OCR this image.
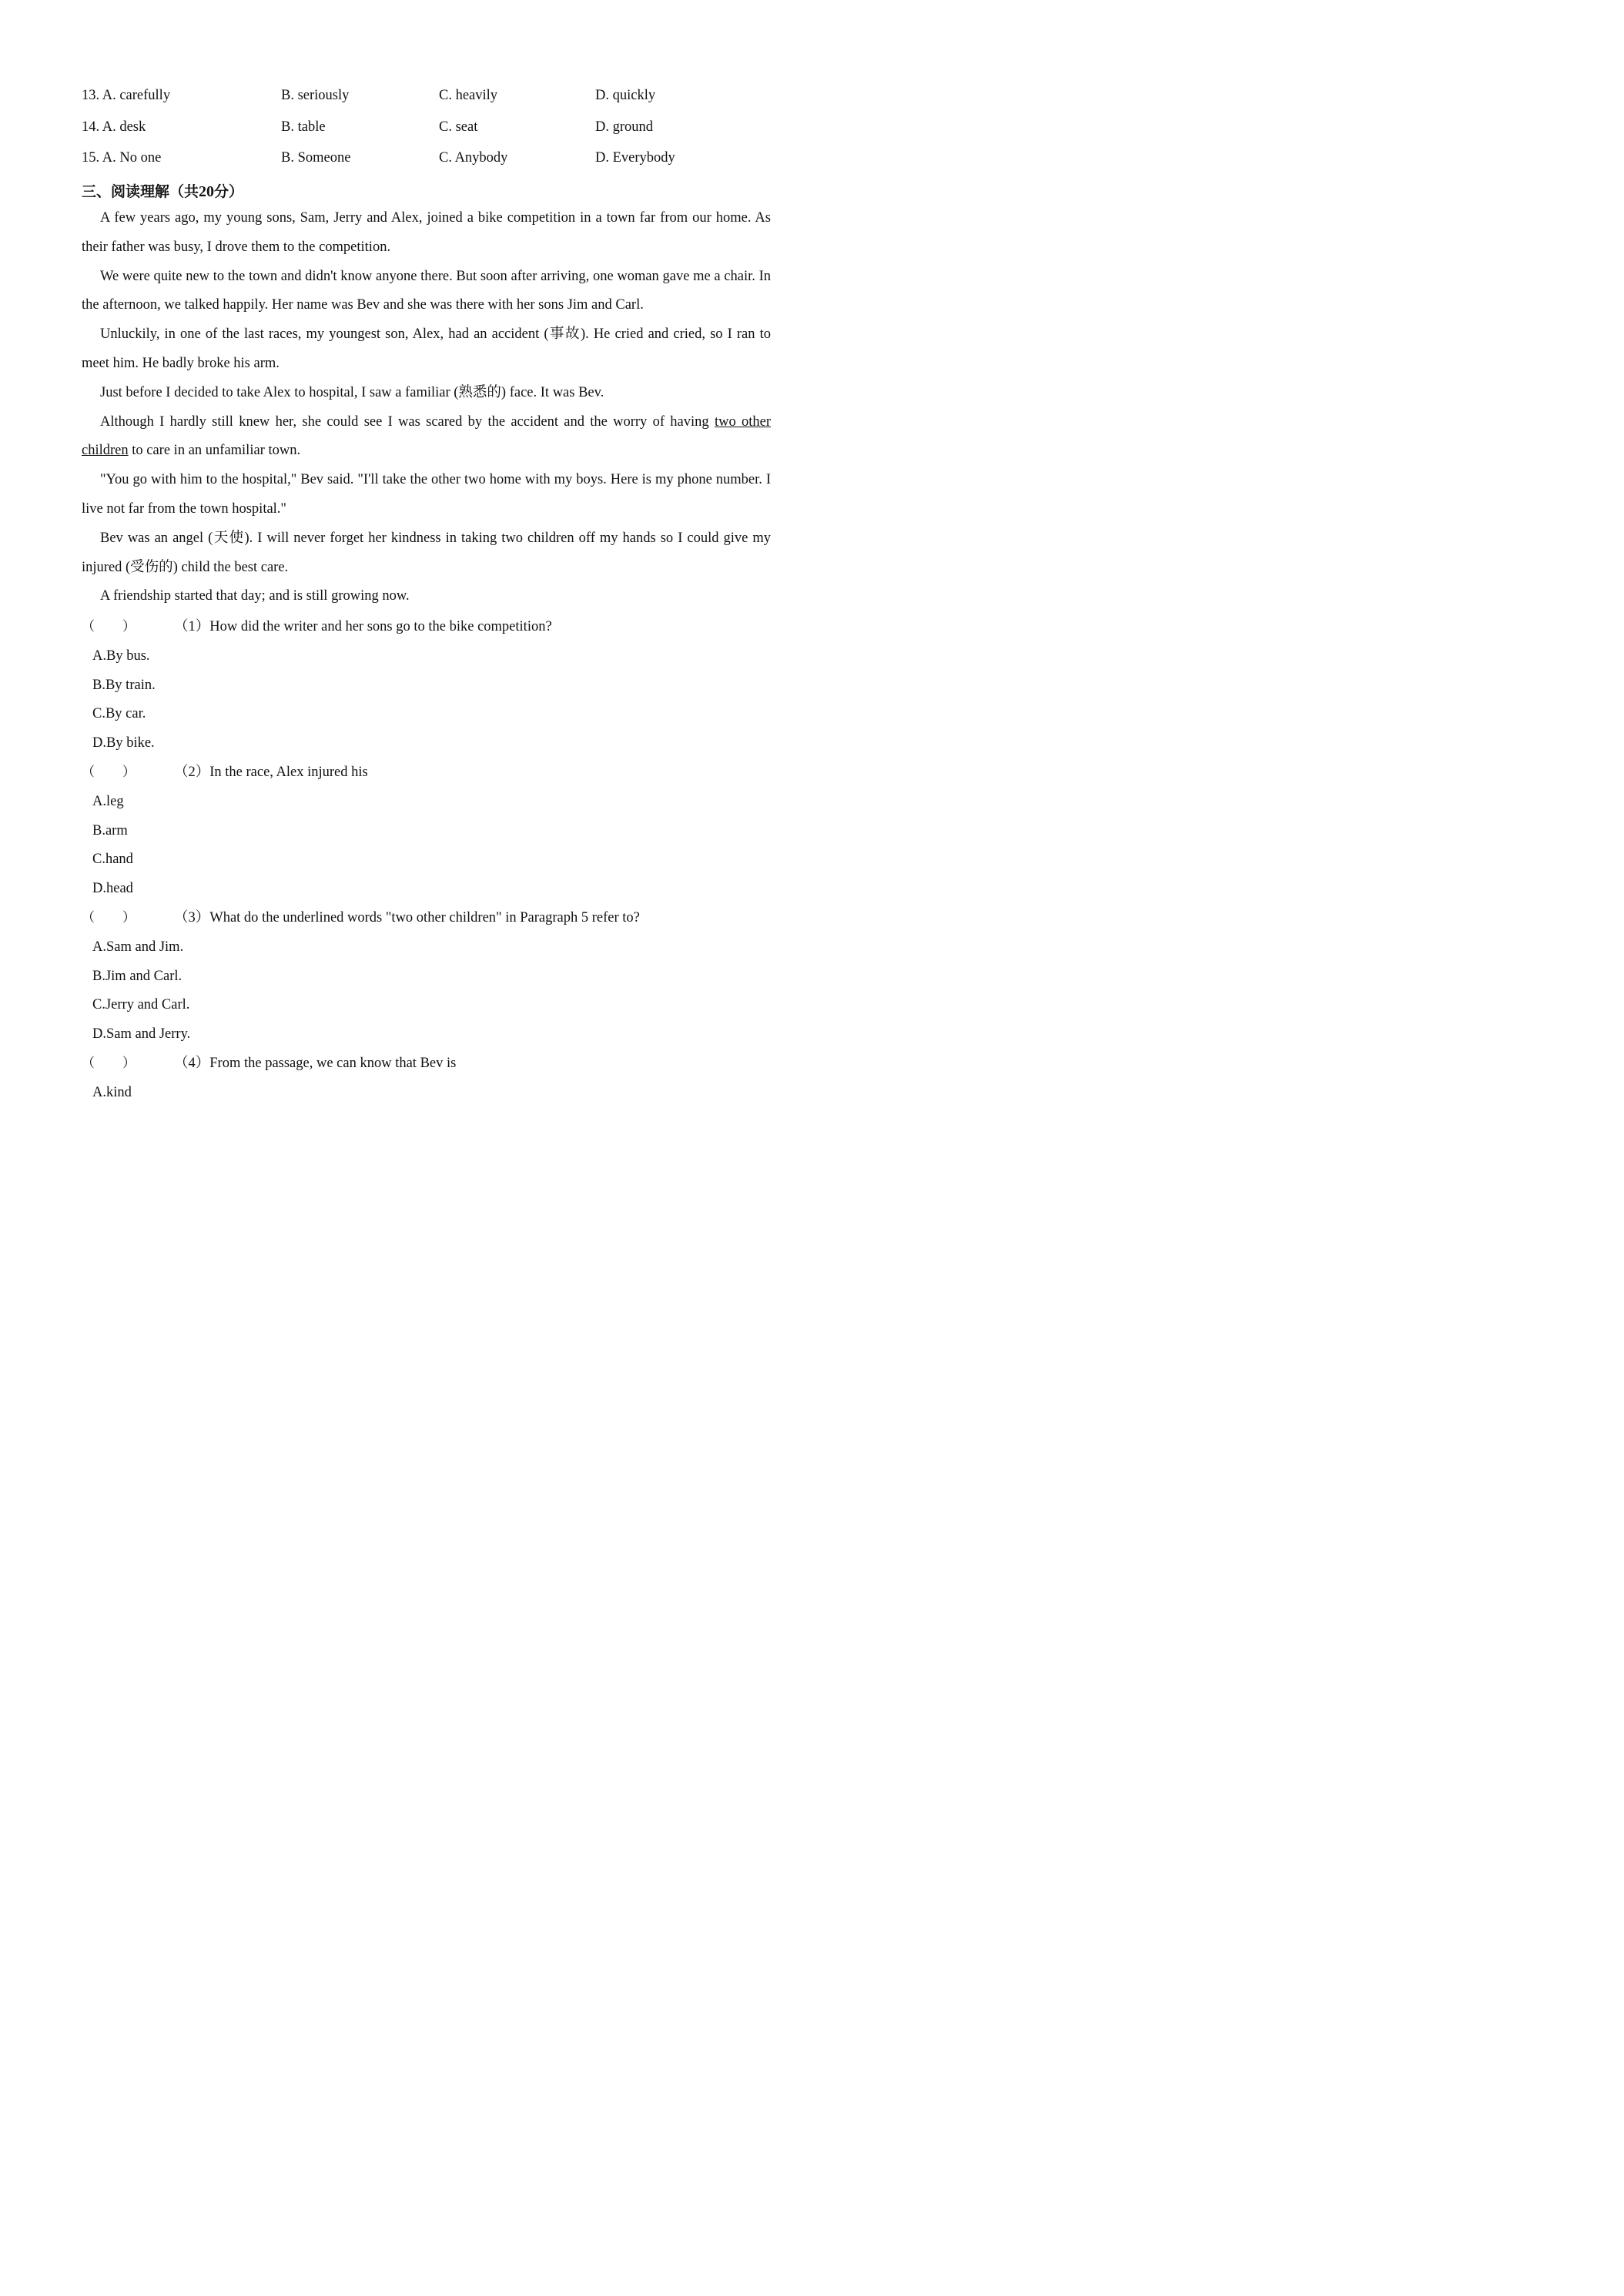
13. A. carefully	B. seriously	C. heavily	D. quickly
14. A. desk	B. table	C. seat	D. ground
15. A. No one	B. Someone	C. Anybody	D. Everybody
三、阅读理解（共20分）

A few years ago, my young sons, Sam, Jerry and Alex, joined a bike competition in a town far from our home. As their father was busy, I drove them to the competition.

We were quite new to the town and didn't know anyone there. But soon after arriving, one woman gave me a chair. In the afternoon, we talked happily. Her name was Bev and she was there with her sons Jim and Carl.

Unluckily, in one of the last races, my youngest son, Alex, had an accident (事故). He cried and cried, so I ran to meet him. He badly broke his arm.

Just before I decided to take Alex to hospital, I saw a familiar (熟悉的) face. It was Bev.

Although I hardly still knew her, she could see I was scared by the accident and the worry of having two other children to care in an unfamiliar town.

"You go with him to the hospital," Bev said. "I'll take the other two home with my boys. Here is my phone number. I live not far from the town hospital."

Bev was an angel (天使). I will never forget her kindness in taking two children off my hands so I could give my injured (受伤的) child the best care.

A friendship started that day; and is still growing now.

（ ）	（1）How did the writer and her sons go to the bike competition?
A.By bus.
B.By train.
C.By car.
D.By bike.
（ ）	（2）In the race, Alex injured his
A.leg
B.arm
C.hand
D.head
（ ）	（3）What do the underlined words "two other children" in Paragraph 5 refer to?
A.Sam and Jim.
B.Jim and Carl.
C.Jerry and Carl.
D.Sam and Jerry.
（ ）	（4）From the passage, we can know that Bev is
A.kind
